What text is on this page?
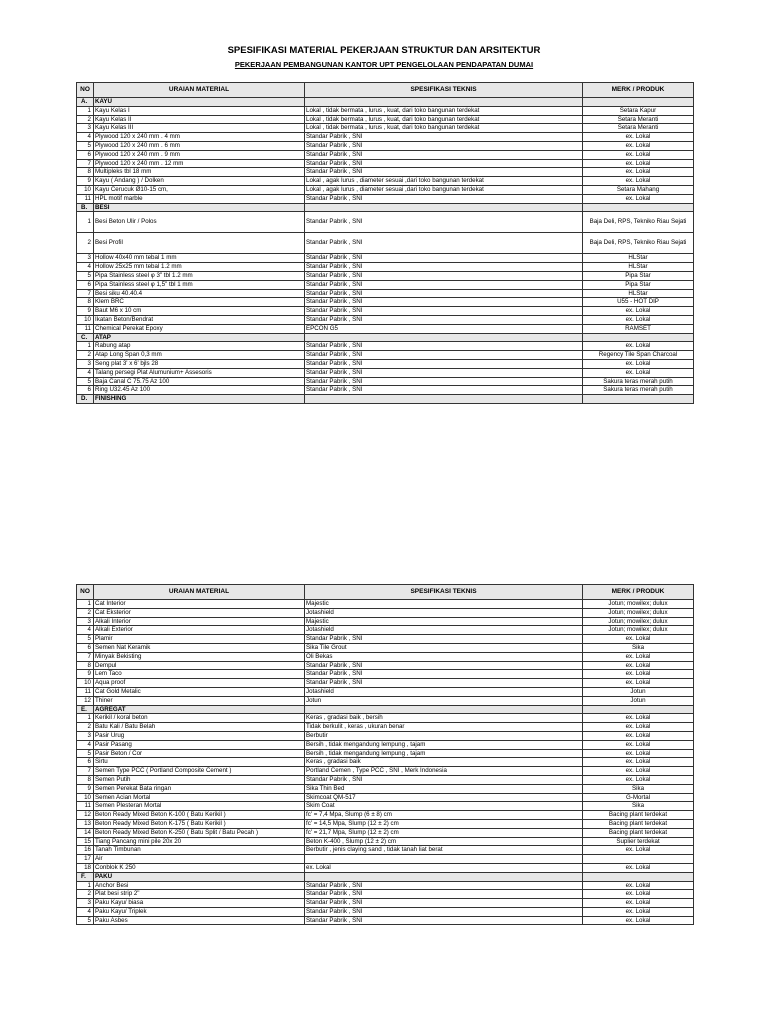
SPESIFIKASI MATERIAL PEKERJAAN STRUKTUR DAN ARSITEKTUR
PEKERJAAN PEMBANGUNAN KANTOR UPT PENGELOLAAN PENDAPATAN DUMAI
NO	URAIAN MATERIAL	SPESIFIKASI TEKNIS	MERK / PRODUK
A.	KAYU		
1	Kayu Kelas I	Lokal , tidak bermata , lurus , kuat, dari toko bangunan terdekat	Setara Kapur
2	Kayu Kelas II	Lokal , tidak bermata , lurus , kuat, dari toko bangunan terdekat	Setara Meranti
3	Kayu Kelas III	Lokal , tidak bermata , lurus , kuat, dari toko bangunan terdekat	Setara Meranti
4	Plywood 120 x 240 mm . 4 mm	Standar Pabrik , SNI	ex. Lokal
5	Plywood 120 x 240 mm . 6 mm	Standar Pabrik , SNI	ex. Lokal
6	Plywood 120 x 240 mm . 9 mm	Standar Pabrik , SNI	ex. Lokal
7	Plywood 120 x 240 mm . 12 mm	Standar Pabrik , SNI	ex. Lokal
8	Multipleks tbl 18 mm	Standar Pabrik , SNI	ex. Lokal
9	Kayu ( Andang ) / Dolken	Lokal , agak lurus , diameter sesuai ,dari toko bangunan terdekat	ex. Lokal
10	Kayu Cerucuk Ø10-15 cm,	Lokal , agak lurus , diameter sesuai ,dari toko bangunan terdekat	Setara Mahang
11	HPL motif marble	Standar Pabrik , SNI	ex. Lokal
B.	BESI		
1	Besi Beton Ulir / Polos	Standar Pabrik , SNI	Baja Deli, RPS, Tekniko Riau Sejati
2	Besi Profil	Standar Pabrik , SNI	Baja Deli, RPS, Tekniko Riau Sejati
3	Hollow 40x40 mm tebal 1 mm	Standar Pabrik , SNI	HLStar
4	Hollow 25x25 mm tebal 1.2 mm	Standar Pabrik , SNI	HLStar
5	Pipa Stainless steel φ 3" tbl 1.2 mm	Standar Pabrik , SNI	Pipa Star
6	Pipa Stainless steel φ 1,5" tbl 1 mm	Standar Pabrik , SNI	Pipa Star
7	Besi siku 40.40.4	Standar Pabrik , SNI	HLStar
8	Klem BRC	Standar Pabrik , SNI	U55 - HOT DIP
9	Baut M6 x 10 cm	Standar Pabrik , SNI	ex. Lokal
10	Ikatan Beton/Bendrat	Standar Pabrik , SNI	ex. Lokal
11	Chemical Perekat Epoxy	EPCON G5	RAMSET
C.	ATAP		
1	Rabung atap	Standar Pabrik , SNI	ex. Lokal
2	Atap Long Span 0,3 mm	Standar Pabrik , SNI	Regency Tile Span Charcoal
3	Seng plat 3' x 6' bjls 28	Standar Pabrik , SNI	ex. Lokal
4	Talang persegi Plat Alumunium+ Assesoris	Standar Pabrik , SNI	ex. Lokal
5	Baja Canal C 75.75 Az 100	Standar Pabrik , SNI	Sakura teras merah putih
6	Ring U32.45 Az 100	Standar Pabrik , SNI	Sakura teras merah putih
D.	FINISHING		
NO	URAIAN MATERIAL	SPESIFIKASI TEKNIS	MERK / PRODUK
1	Cat Interior	Majestic	Jotun; mowilex; dulux
2	Cat Eksterior	Jotashield	Jotun; mowilex; dulux
3	Alkali Interior	Majestic	Jotun; mowilex; dulux
4	Alkali Exterior	Jotashield	Jotun; mowilex; dulux
5	Plamir	Standar Pabrik , SNI	ex. Lokal
6	Semen Nat Keramik	Sika Tile Grout	Sika
7	Minyak Bekisting	Oli Bekas	ex. Lokal
8	Dempul	Standar Pabrik , SNI	ex. Lokal
9	Lem Taco	Standar Pabrik , SNI	ex. Lokal
10	Aqua proof	Standar Pabrik , SNI	ex. Lokal
11	Cat Gold Metalic	Jotashield	Jotun
12	Thiner	Jotun	Jotun
E.	AGREGAT		
1	Kerikil / koral beton	Keras , gradasi baik , bersih	ex. Lokal
2	Batu Kali / Batu Belah	Tidak berkulit , keras , ukuran benar	ex. Lokal
3	Pasir Urug	Berbutir	ex. Lokal
4	Pasir Pasang	Bersih , tidak mengandung lempung , tajam	ex. Lokal
5	Pasir Beton / Cor	Bersih , tidak mengandung lempung , tajam	ex. Lokal
6	Sirtu	Keras , gradasi baik	ex. Lokal
7	Semen Type PCC ( Portland Composite Cement )	Portland Cemen , Type PCC , SNI , Merk Indonesia	ex. Lokal
8	Semen Putih	Standar Pabrik , SNI	ex. Lokal
9	Semen Perekat Bata ringan	Sika Thin Bed	Sika
10	Semen Acian Mortal	Skimcoat QM-517	G-Mortal
11	Semen Plesteran Mortal	Skim Coat	Sika
12	Beton Ready Mixed Beton K-100 ( Batu Kerikil )	fc' = 7,4 Mpa, Slump (6 ± 8) cm	Bacing plant terdekat
13	Beton Ready Mixed Beton K-175 ( Batu Kerikil )	fc' = 14,5 Mpa, Slump (12 ± 2) cm	Bacing plant terdekat
14	Beton Ready Mixed Beton K-250 ( Batu Split / Batu Pecah )	fc' = 21,7 Mpa, Slump (12 ± 2) cm	Bacing plant terdekat
15	Tiang Pancang mini pile 20x 20	Beton K-400 , Slump (12 ± 2) cm	Suplier terdekat
16	Tanah Timbunan	Berbutir , jenis claying sand , tidak tanah liat berat	ex. Lokal
17	Air		
18	Conblok K 250	ex. Lokal	ex. Lokal
F.	PAKU		
1	Anchor Besi	Standar Pabrik , SNI	ex. Lokal
2	Plat besi strip 2"	Standar Pabrik , SNI	ex. Lokal
3	Paku Kayu/ biasa	Standar Pabrik , SNI	ex. Lokal
4	Paku Kayu/ Triplek	Standar Pabrik , SNI	ex. Lokal
5	Paku Asbes	Standar Pabrik , SNI	ex. Lokal
